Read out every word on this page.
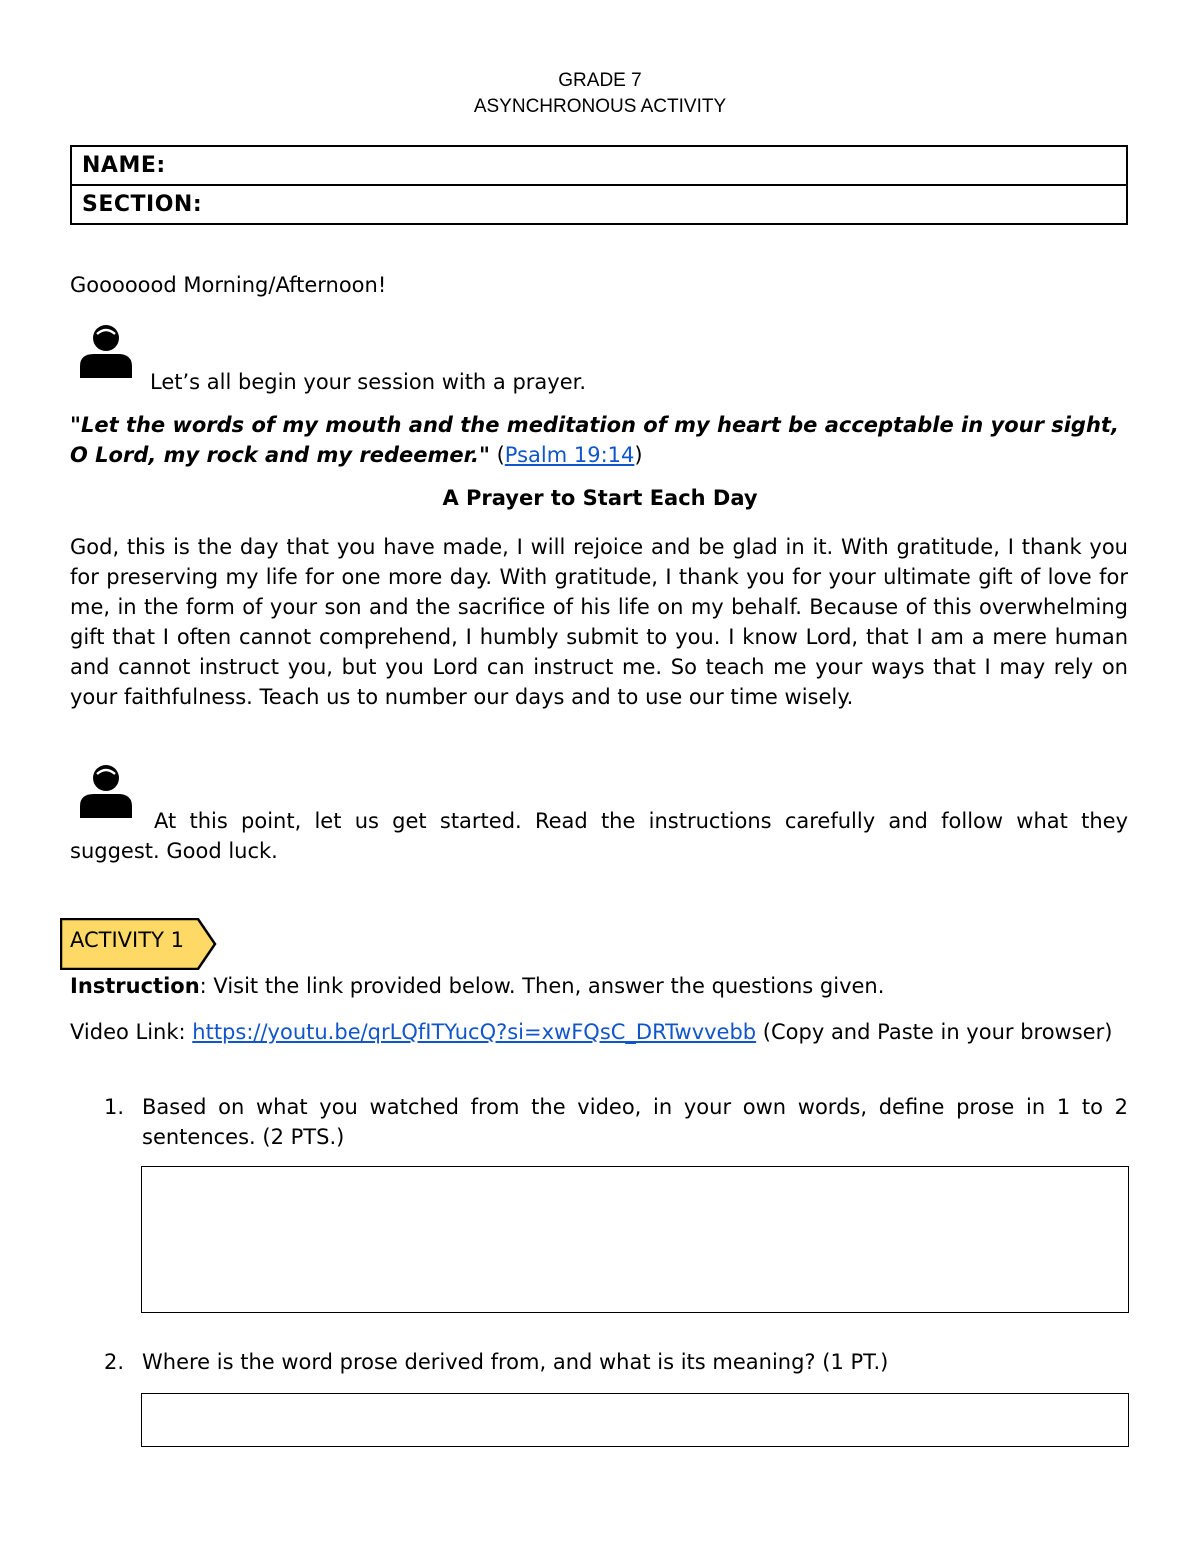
GRADE 7
ASYNCHRONOUS ACTIVITY
NAME:
SECTION:
Gooooood Morning/Afternoon!
Let’s all begin your session with a prayer.
"Let the words of my mouth and the meditation of my heart be acceptable in your sight, O Lord, my rock and my redeemer." (Psalm 19:14)
A Prayer to Start Each Day
God, this is the day that you have made, I will rejoice and be glad in it. With gratitude, I thank you for preserving my life for one more day. With gratitude, I thank you for your ultimate gift of love for me, in the form of your son and the sacrifice of his life on my behalf. Because of this overwhelming gift that I often cannot comprehend, I humbly submit to you. I know Lord, that I am a mere human and cannot instruct you, but you Lord can instruct me. So teach me your ways that I may rely on your faithfulness. Teach us to number our days and to use our time wisely.
At this point, let us get started. Read the instructions carefully and follow what they suggest. Good luck.
ACTIVITY 1
Instruction: Visit the link provided below. Then, answer the questions given.
Video Link: https://youtu.be/qrLQfITYucQ?si=xwFQsC_DRTwvvebb (Copy and Paste in your browser)
1. Based on what you watched from the video, in your own words, define prose in 1 to 2 sentences. (2 PTS.)
2. Where is the word prose derived from, and what is its meaning? (1 PT.)
